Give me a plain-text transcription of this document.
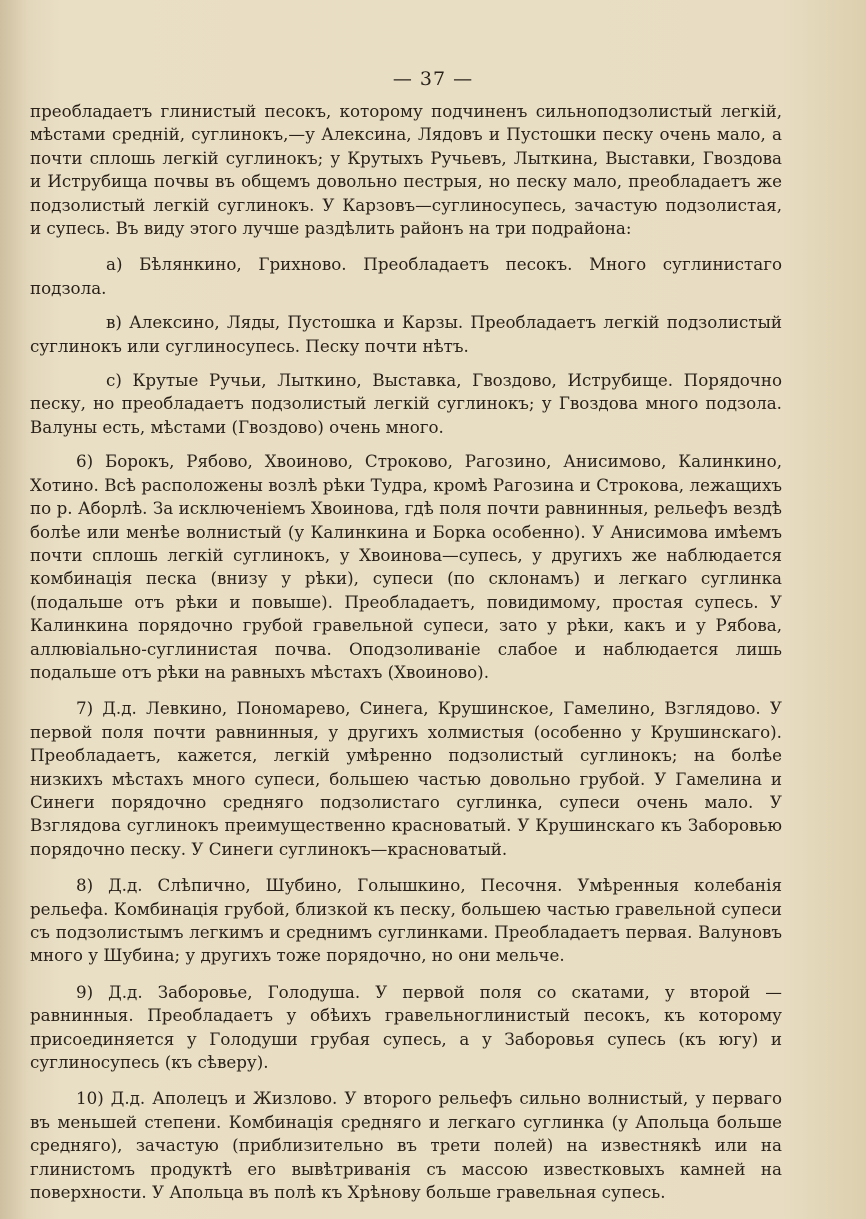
— 37 —

преобладаетъ глинистый песокъ, которому подчиненъ сильноподзолистый легкій, мѣстами средній, суглинокъ,—у Алексина, Лядовъ и Пустошки песку очень мало, а почти сплошь легкій суглинокъ; у Крутыхъ Ручьевъ, Лыткина, Выставки, Гвоздова и Иструбища почвы въ общемъ довольно пестрыя, но песку мало, преобладаетъ же подзолистый легкій суглинокъ. У Карзовъ—суглиносупесь, зачастую подзолистая, и супесь. Въ виду этого лучше раздѣлить районъ на три подрайона:

а) Бѣлянкино, Грихново. Преобладаетъ песокъ. Много суглинистаго подзола.

в) Алексино, Ляды, Пустошка и Карзы. Преобладаетъ легкій подзолистый суглинокъ или суглиносупесь. Песку почти нѣтъ.

с) Крутые Ручьи, Лыткино, Выставка, Гвоздово, Иструбище. Порядочно песку, но преобладаетъ подзолистый легкій суглинокъ; у Гвоздова много подзола. Валуны есть, мѣстами (Гвоздово) очень много.

6) Борокъ, Рябово, Хвоиново, Строково, Рагозино, Анисимово, Калинкино, Хотино. Всѣ расположены возлѣ рѣки Тудра, кромѣ Рагозина и Строкова, лежащихъ по р. Аборлѣ. За исключеніемъ Хвоинова, гдѣ поля почти равнинныя, рельефъ вездѣ болѣе или менѣе волнистый (у Калинкина и Борка особенно). У Анисимова имѣемъ почти сплошь легкій суглинокъ, у Хвоинова—супесь, у другихъ же наблюдается комбинація песка (внизу у рѣки), супеси (по склонамъ) и легкаго суглинка (подальше отъ рѣки и повыше). Преобладаетъ, повидимому, простая супесь. У Калинкина порядочно грубой гравельной супеси, зато у рѣки, какъ и у Рябова, аллювіально-суглинистая почва. Оподзоливаніе слабое и наблюдается лишь подальше отъ рѣки на равныхъ мѣстахъ (Хвоиново).

7) Д.д. Левкино, Пономарево, Синега, Крушинское, Гамелино, Взглядово. У первой поля почти равнинныя, у другихъ холмистыя (особенно у Крушинскаго). Преобладаетъ, кажется, легкій умѣренно подзолистый суглинокъ; на болѣе низкихъ мѣстахъ много супеси, большею частью довольно грубой. У Гамелина и Синеги порядочно средняго подзолистаго суглинка, супеси очень мало. У Взглядова суглинокъ преимущественно красноватый. У Крушинскаго къ Заборовью порядочно песку. У Синеги суглинокъ—красноватый.

8) Д.д. Слѣпично, Шубино, Голышкино, Песочня. Умѣренныя колебанія рельефа. Комбинація грубой, близкой къ песку, большею частью гравельной супеси съ подзолистымъ легкимъ и среднимъ суглинками. Преобладаетъ первая. Валуновъ много у Шубина; у другихъ тоже порядочно, но они мельче.

9) Д.д. Заборовье, Голодуша. У первой поля со скатами, у второй — равнинныя. Преобладаетъ у обѣихъ гравельноглинистый песокъ, къ которому присоединяется у Голодуши грубая супесь, а у Заборовья супесь (къ югу) и суглиносупесь (къ сѣверу).

10) Д.д. Аполецъ и Жизлово. У второго рельефъ сильно волнистый, у перваго въ меньшей степени. Комбинація средняго и легкаго суглинка (у Апольца больше средняго), зачастую (приблизительно въ трети полей) на известнякѣ или на глинистомъ продуктѣ его вывѣтриванія съ массою известковыхъ камней на поверхности. У Апольца въ полѣ къ Хрѣнову больше гравельная супесь.
